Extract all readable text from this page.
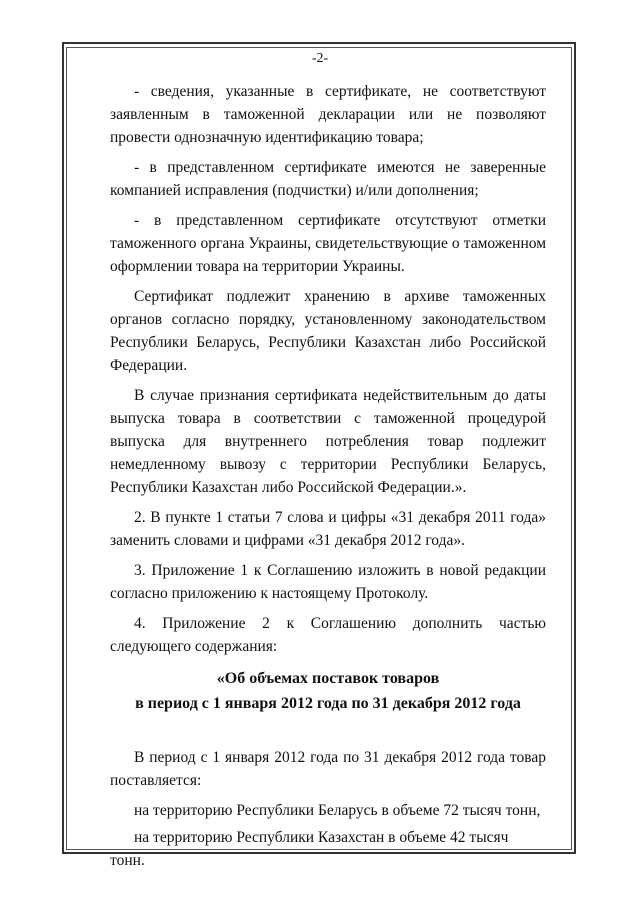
-2-
- сведения, указанные в сертификате, не соответствуют заявленным в таможенной декларации или не позволяют провести однозначную идентификацию товара;
- в представленном сертификате имеются не заверенные компанией исправления (подчистки) и/или дополнения;
- в представленном сертификате отсутствуют отметки таможенного органа Украины, свидетельствующие о таможенном оформлении товара на территории Украины.
Сертификат подлежит хранению в архиве таможенных органов согласно порядку, установленному законодательством Республики Беларусь, Республики Казахстан либо Российской Федерации.
В случае признания сертификата недействительным до даты выпуска товара в соответствии с таможенной процедурой выпуска для внутреннего потребления товар подлежит немедленному вывозу с территории Республики Беларусь, Республики Казахстан либо Российской Федерации.».
2. В пункте 1 статьи 7 слова и цифры «31 декабря 2011 года» заменить словами и цифрами «31 декабря 2012 года».
3. Приложение 1 к Соглашению изложить в новой редакции согласно приложению к настоящему Протоколу.
4. Приложение 2 к Соглашению дополнить частью следующего содержания:
«Об объемах поставок товаров
в период с 1 января 2012 года по 31 декабря 2012 года
В период с 1 января 2012 года по 31 декабря 2012 года товар поставляется:
на территорию Республики Беларусь в объеме 72 тысяч тонн,
на территорию Республики Казахстан в объеме 42 тысяч тонн.
